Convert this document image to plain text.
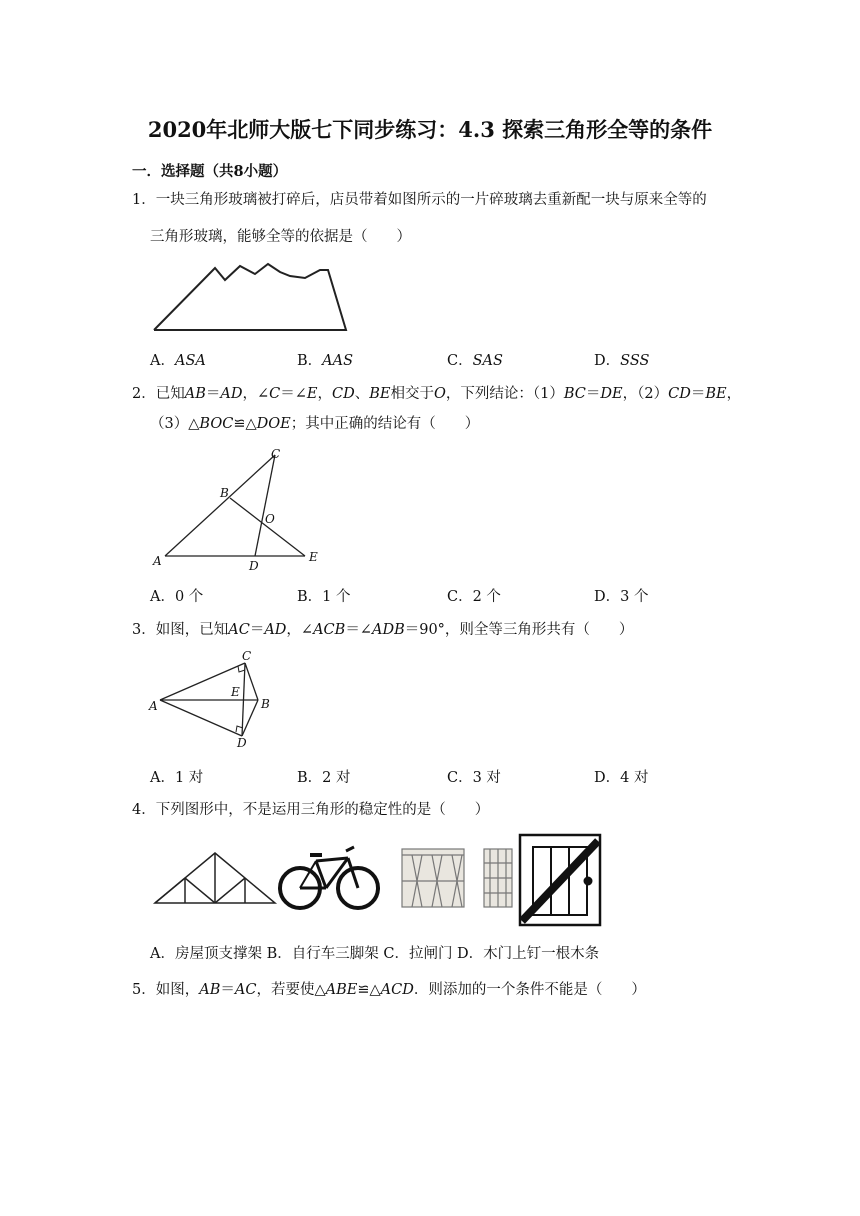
2020年北师大版七下同步练习：4.3 探索三角形全等的条件
一．选择题（共8小题）
1．一块三角形玻璃被打碎后，店员带着如图所示的一片碎玻璃去重新配一块与原来全等的
三角形玻璃，能够全等的依据是（　　）
A．ASA	B．AAS	C．SAS	D．SSS
2．已知AB＝AD，∠C＝∠E，CD、BE相交于O，下列结论：（1）BC＝DE，（2）CD＝BE，
（3）△BOC≌△DOE；其中正确的结论有（　　）
A
B
C
D
E
O
A．0 个	B．1 个	C．2 个	D．3 个
3．如图，已知AC＝AD，∠ACB＝∠ADB＝90°，则全等三角形共有（　　）
A	B
C
D
E
A．1 对	B．2 对	C．3 对	D．4 对
4．下列图形中，不是运用三角形的稳定性的是（　　）
A．房屋顶支撑架 B．自行车三脚架 C．拉闸门 D．木门上钉一根木条
5．如图，AB＝AC，若要使△ABE≌△ACD．则添加的一个条件不能是（　　）
